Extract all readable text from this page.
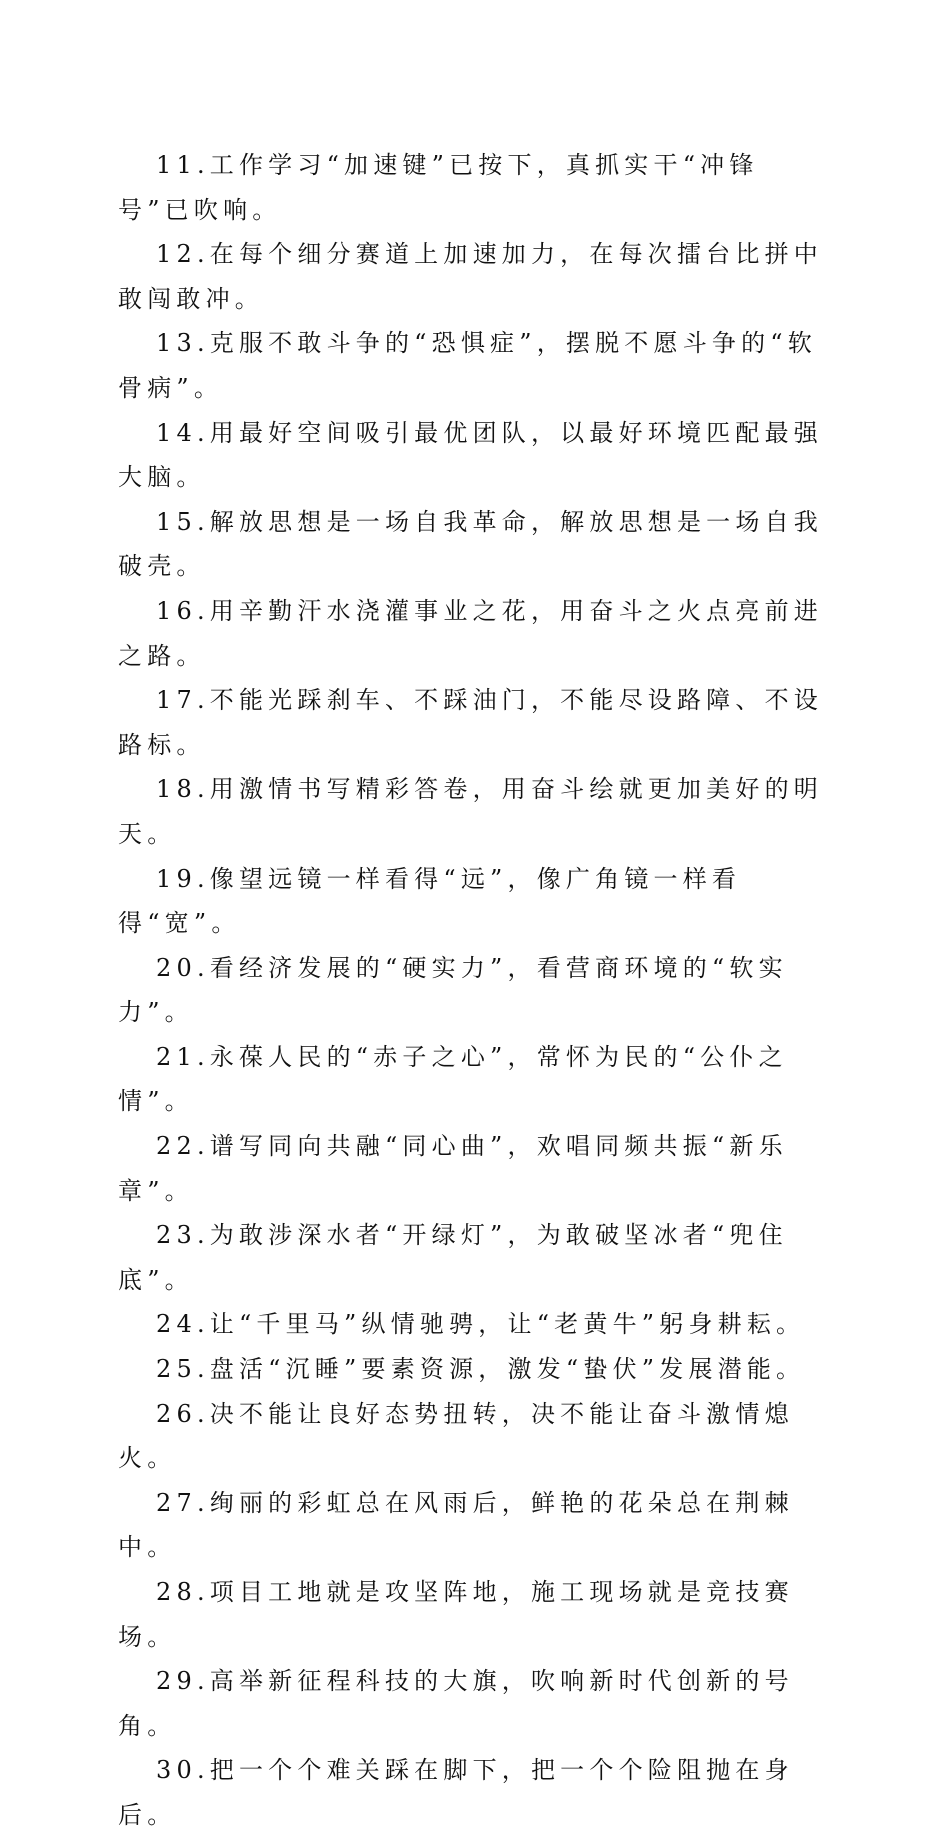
11.工作学习“加速键”已按下，真抓实干“冲锋号”已吹响。

12.在每个细分赛道上加速加力，在每次擂台比拼中敢闯敢冲。

13.克服不敢斗争的“恐惧症”，摆脱不愿斗争的“软骨病”。

14.用最好空间吸引最优团队，以最好环境匹配最强大脑。

15.解放思想是一场自我革命，解放思想是一场自我破壳。

16.用辛勤汗水浇灌事业之花，用奋斗之火点亮前进之路。

17.不能光踩刹车、不踩油门，不能尽设路障、不设路标。

18.用激情书写精彩答卷，用奋斗绘就更加美好的明天。

19.像望远镜一样看得“远”，像广角镜一样看得“宽”。

20.看经济发展的“硬实力”，看营商环境的“软实力”。

21.永葆人民的“赤子之心”，常怀为民的“公仆之情”。

22.谱写同向共融“同心曲”，欢唱同频共振“新乐章”。

23.为敢涉深水者“开绿灯”，为敢破坚冰者“兜住底”。

24.让“千里马”纵情驰骋，让“老黄牛”躬身耕耘。

25.盘活“沉睡”要素资源，激发“蛰伏”发展潜能。

26.决不能让良好态势扭转，决不能让奋斗激情熄火。

27.绚丽的彩虹总在风雨后，鲜艳的花朵总在荆棘中。

28.项目工地就是攻坚阵地，施工现场就是竞技赛场。

29.高举新征程科技的大旗，吹响新时代创新的号角。

30.把一个个难关踩在脚下，把一个个险阻抛在身后。
